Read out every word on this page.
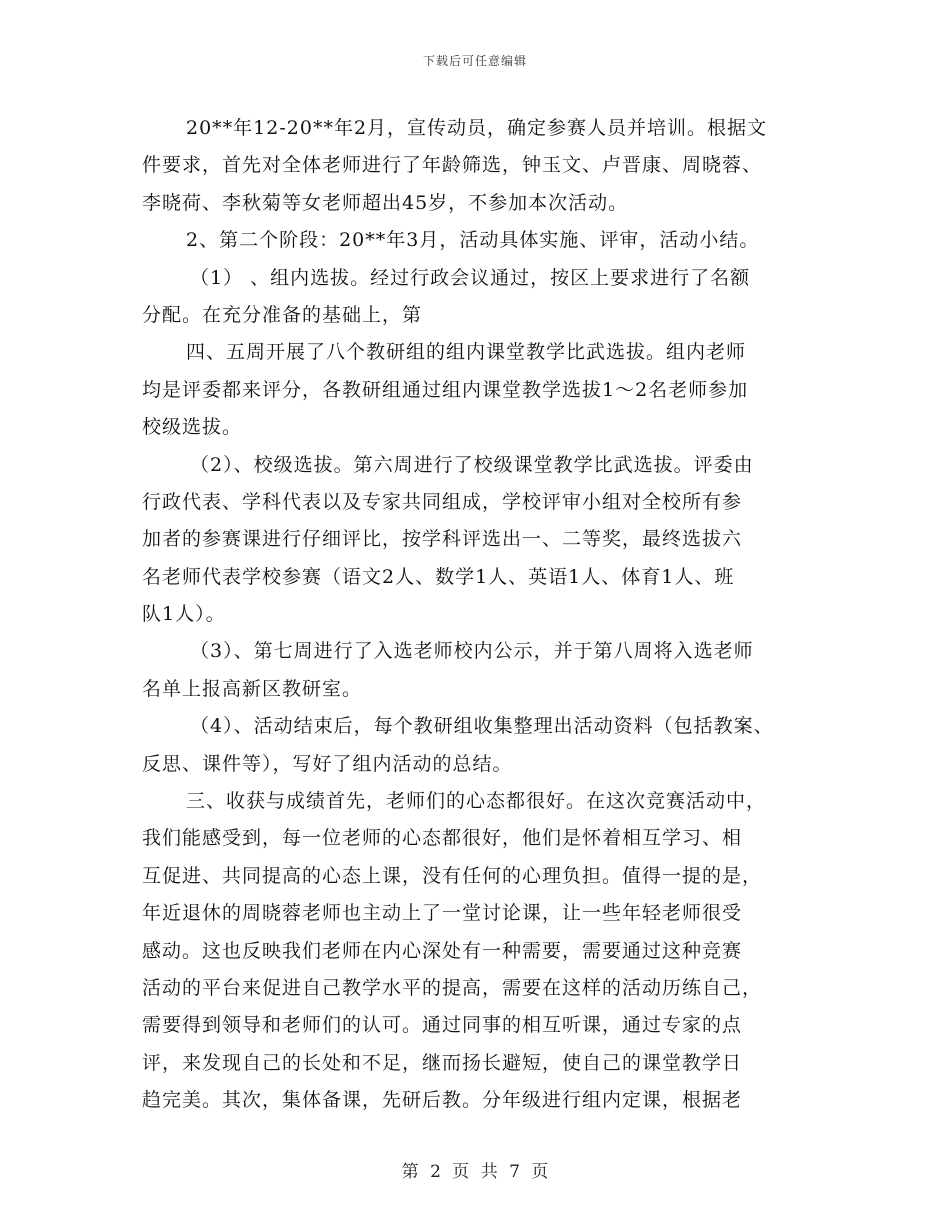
下载后可任意编辑
20**年12-20**年2月，宣传动员，确定参赛人员并培训。根据文
件要求，首先对全体老师进行了年龄筛选，钟玉文、卢晋康、周晓蓉、
李晓荷、李秋菊等女老师超出45岁，不参加本次活动。
2、第二个阶段：20**年3月，活动具体实施、评审，活动小结。
（1） 、组内选拔。经过行政会议通过，按区上要求进行了名额
分配。在充分准备的基础上，第
四、五周开展了八个教研组的组内课堂教学比武选拔。组内老师
均是评委都来评分，各教研组通过组内课堂教学选拔1～2名老师参加
校级选拔。
（2）、校级选拔。第六周进行了校级课堂教学比武选拔。评委由
行政代表、学科代表以及专家共同组成，学校评审小组对全校所有参
加者的参赛课进行仔细评比，按学科评选出一、二等奖，最终选拔六
名老师代表学校参赛（语文2人、数学1人、英语1人、体育1人、班
队1人）。
（3）、第七周进行了入选老师校内公示，并于第八周将入选老师
名单上报高新区教研室。
（4）、活动结束后，每个教研组收集整理出活动资料（包括教案、
反思、课件等），写好了组内活动的总结。
三、收获与成绩首先，老师们的心态都很好。在这次竞赛活动中，
我们能感受到，每一位老师的心态都很好，他们是怀着相互学习、相
互促进、共同提高的心态上课，没有任何的心理负担。值得一提的是，
年近退休的周晓蓉老师也主动上了一堂讨论课，让一些年轻老师很受
感动。这也反映我们老师在内心深处有一种需要，需要通过这种竞赛
活动的平台来促进自己教学水平的提高，需要在这样的活动历练自己，
需要得到领导和老师们的认可。通过同事的相互听课，通过专家的点
评，来发现自己的长处和不足，继而扬长避短，使自己的课堂教学日
趋完美。其次，集体备课，先研后教。分年级进行组内定课，根据老
第 2 页 共 7 页
